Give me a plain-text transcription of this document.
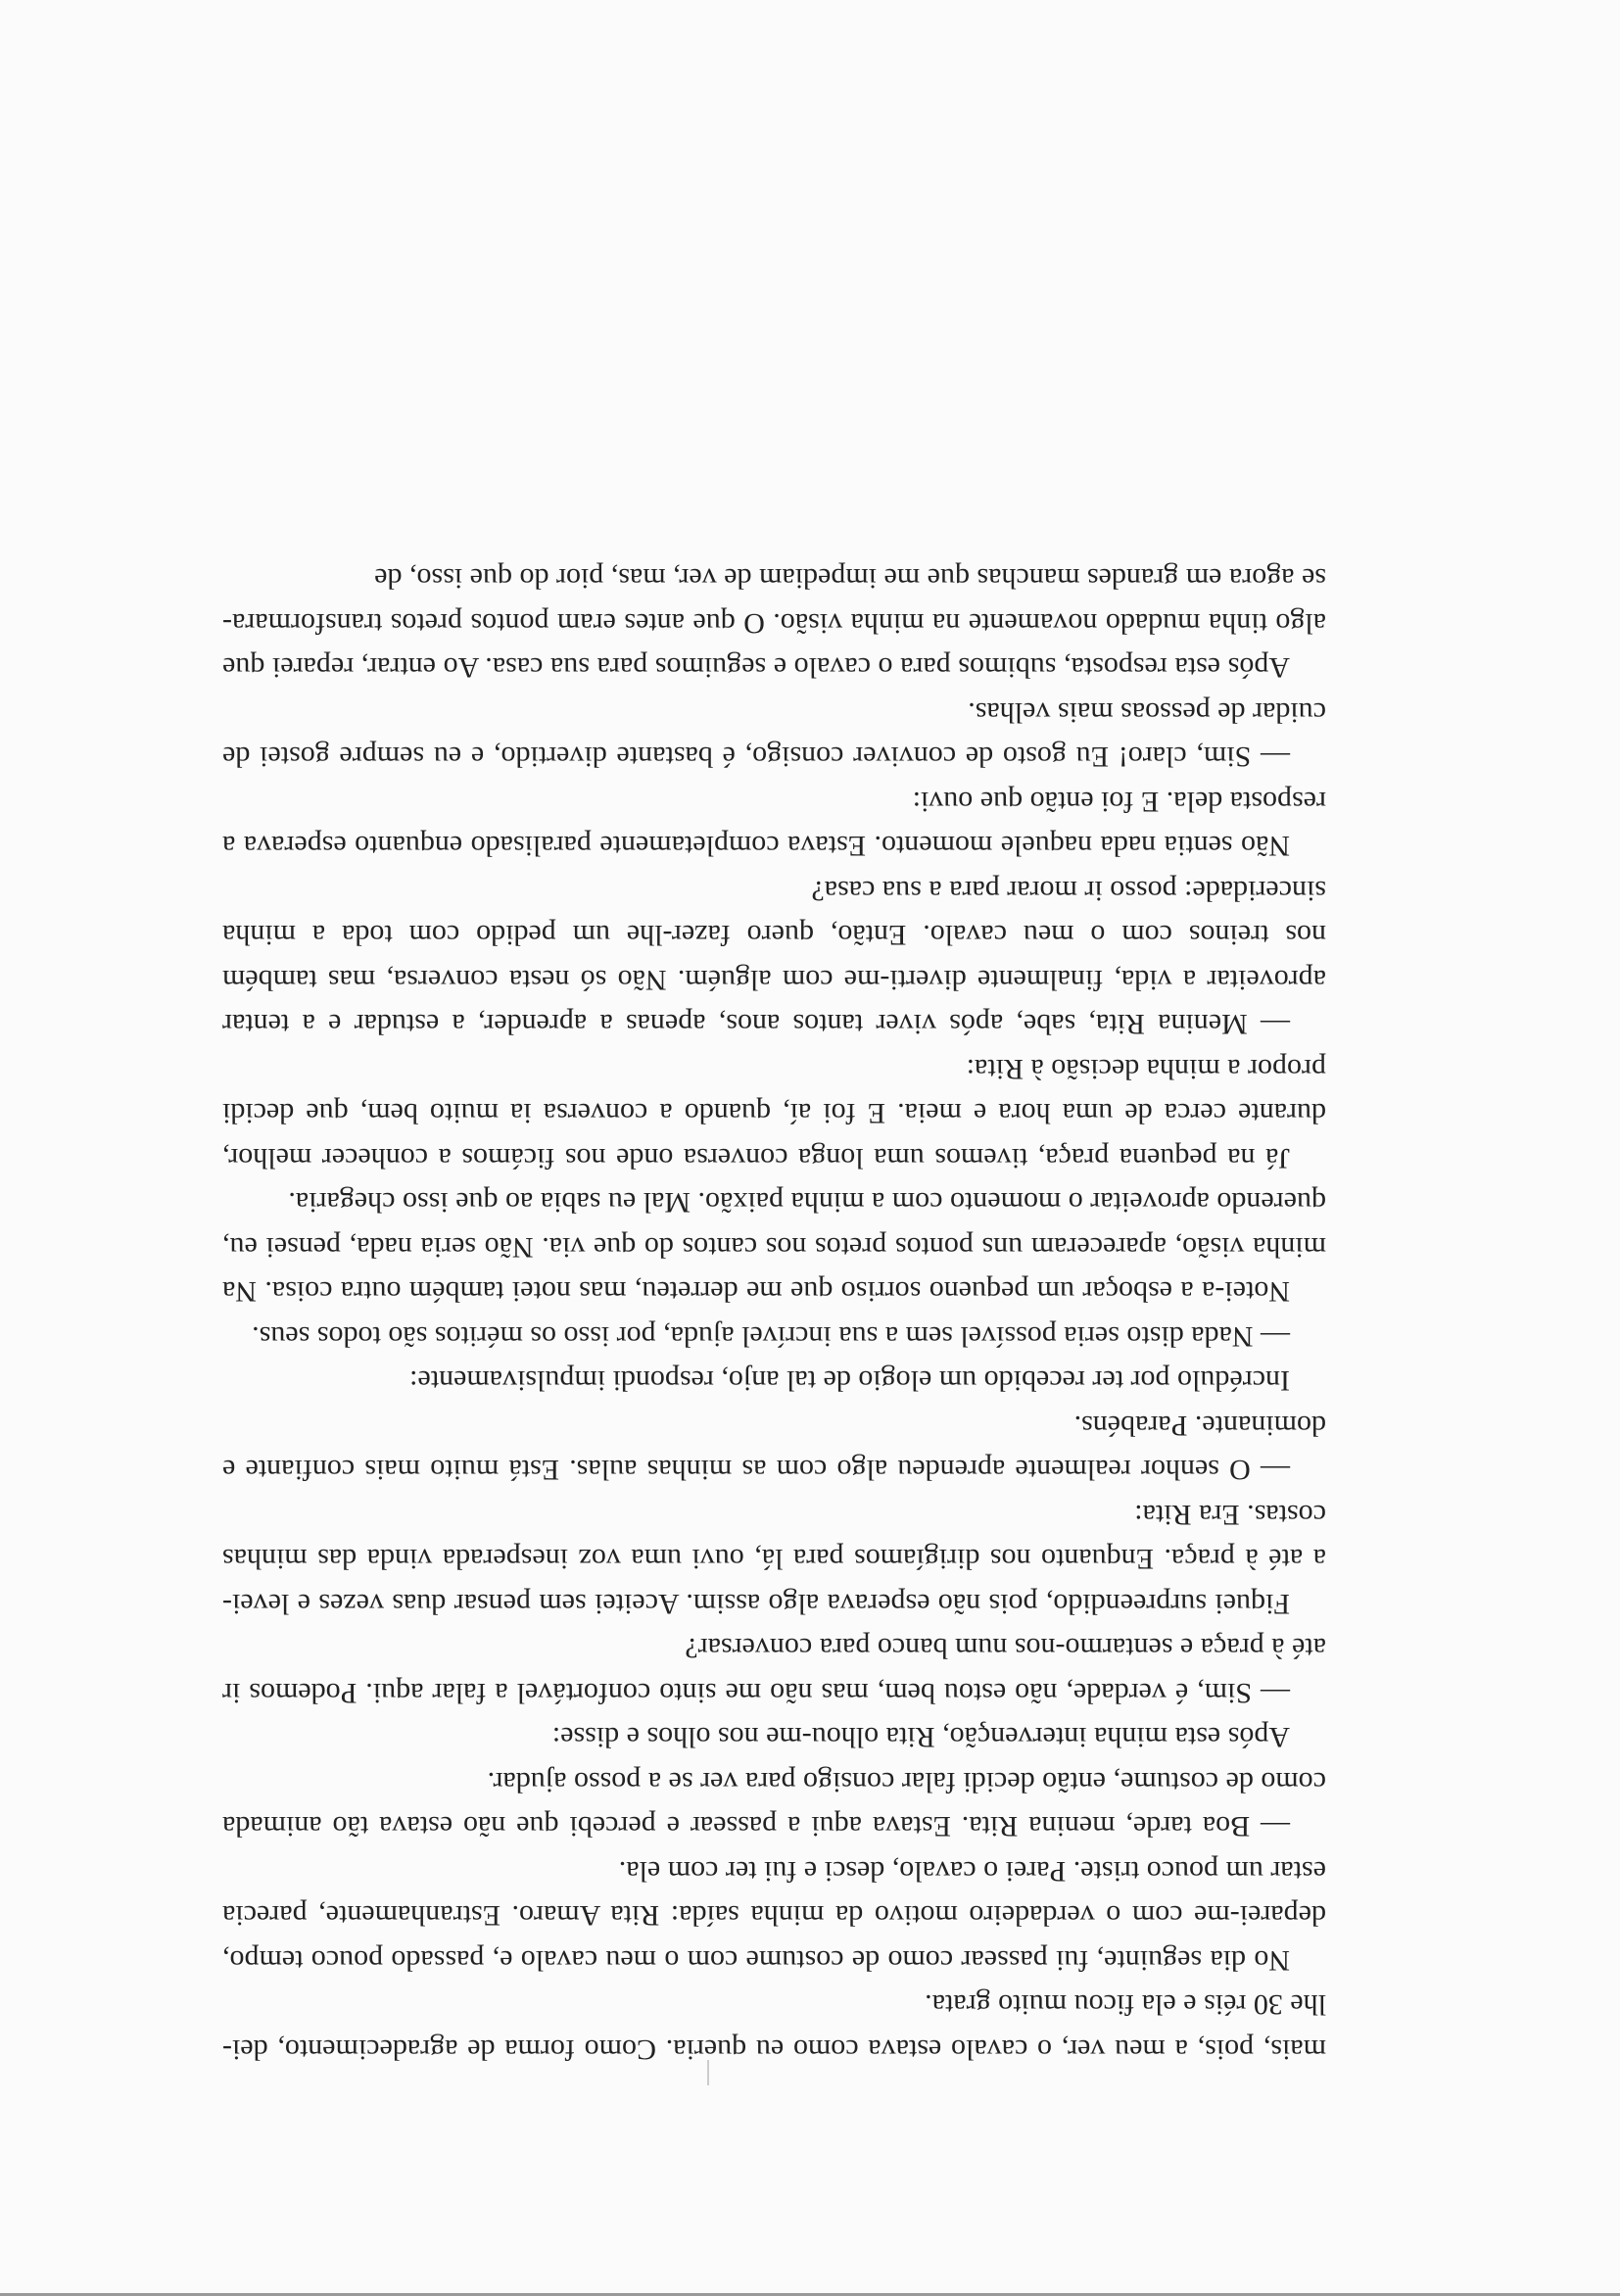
mais, pois, a meu ver, o cavalo estava como eu queria. Como forma de agradecimento, dei-lhe 30 réis e ela ficou muito grata.

No dia seguinte, fui passear como de costume com o meu cavalo e, passado pouco tempo, deparei-me com o verdadeiro motivo da minha saída: Rita Amaro. Estranhamente, parecia estar um pouco triste. Parei o cavalo, desci e fui ter com ela.

— Boa tarde, menina Rita. Estava aqui a passear e percebi que não estava tão animada como de costume, então decidi falar consigo para ver se a posso ajudar.

Após esta minha intervenção, Rita olhou-me nos olhos e disse:

— Sim, é verdade, não estou bem, mas não me sinto confortável a falar aqui. Podemos ir até à praça e sentarmo-nos num banco para conversar?

Fiquei surpreendido, pois não esperava algo assim. Aceitei sem pensar duas vezes e levei-a até à praça. Enquanto nos dirigíamos para lá, ouvi uma voz inesperada vinda das minhas costas. Era Rita:

— O senhor realmente aprendeu algo com as minhas aulas. Está muito mais confiante e dominante. Parabéns.

Incrédulo por ter recebido um elogio de tal anjo, respondi impulsivamente:

— Nada disto seria possível sem a sua incrível ajuda, por isso os méritos são todos seus.

Notei-a a esboçar um pequeno sorriso que me derreteu, mas notei também outra coisa. Na minha visão, apareceram uns pontos pretos nos cantos do que via. Não seria nada, pensei eu, querendo aproveitar o momento com a minha paixão. Mal eu sabia ao que isso chegaria.

Já na pequena praça, tivemos uma longa conversa onde nos ficámos a conhecer melhor, durante cerca de uma hora e meia. E foi aí, quando a conversa ia muito bem, que decidi propor a minha decisão à Rita:

— Menina Rita, sabe, após viver tantos anos, apenas a aprender, a estudar e a tentar aproveitar a vida, finalmente diverti-me com alguém. Não só nesta conversa, mas também nos treinos com o meu cavalo. Então, quero fazer-lhe um pedido com toda a minha sinceridade: posso ir morar para a sua casa?

Não sentia nada naquele momento. Estava completamente paralisado enquanto esperava a resposta dela. E foi então que ouvi:

— Sim, claro! Eu gosto de conviver consigo, é bastante divertido, e eu sempre gostei de cuidar de pessoas mais velhas.

Após esta resposta, subimos para o cavalo e seguimos para sua casa. Ao entrar, reparei que algo tinha mudado novamente na minha visão. O que antes eram pontos pretos transformara-se agora em grandes manchas que me impediam de ver, mas, pior do que isso, de
